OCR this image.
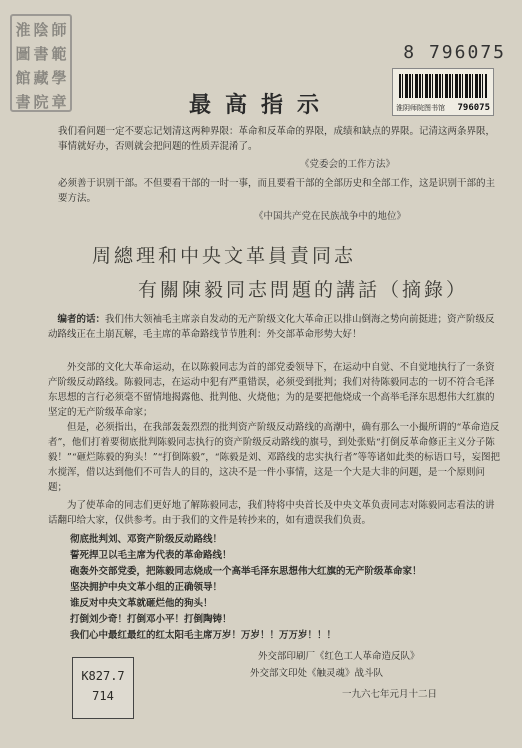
淮 陰 師
圖 書 範
館 藏 學
書 院 章
8 796075
淮阴师院图书馆 796075
最高指示
我们看问题一定不要忘记划清这两种界限：革命和反革命的界限，成绩和缺点的界限。记清这两条界限，事情就好办，否则就会把问题的性质弄混淆了。
《党委会的工作方法》
必须善于识别干部。不但要看干部的一时一事，而且要看干部的全部历史和全部工作，这是识别干部的主要方法。
《中国共产党在民族战争中的地位》
周總理和中央文革員責同志
有關陳毅同志問題的講話（摘錄）

编者的话：我们伟大领袖毛主席亲自发动的无产阶级文化大革命正以排山倒海之势向前挺进；资产阶级反动路线正在土崩瓦解，毛主席的革命路线节节胜利：外交部革命形势大好！

外交部的文化大革命运动，在以陈毅同志为首的部党委领导下，在运动中自觉、不自觉地执行了一条资产阶级反动路线。陈毅同志，在运动中犯有严重错误，必须受到批判；我们对待陈毅同志的一切不符合毛泽东思想的言行必须毫不留情地揭露他、批判他、火烧他；为的是要把他烧成一个高举毛泽东思想伟大红旗的坚定的无产阶级革命家；

但是，必须指出，在我部轰轰烈烈的批判资产阶级反动路线的高潮中，确有那么一小撮所谓的“革命造反者”，他们打着要彻底批判陈毅同志执行的资产阶级反动路线的旗号，到处张贴“打倒反革命修正主义分子陈毅！”“砸烂陈毅的狗头！”“打倒陈毅”，“陈毅是刘、邓路线的忠实执行者”等等诸如此类的标语口号，妄图把水搅浑，借以达到他们不可告人的目的，这决不是一件小事情，这是一个大是大非的问题，是一个原则问题；

为了使革命的同志们更好地了解陈毅同志，我们特将中央首长及中央文革负责同志对陈毅同志看法的讲话翻印给大家，仅供参考。由于我们的文件是转抄来的，如有遗误我们负责。

彻底批判刘、邓资产阶级反动路线！
誓死捍卫以毛主席为代表的革命路线！
砲轰外交部党委，把陈毅同志烧成一个高举毛泽东思想伟大红旗的无产阶级革命家！
坚决拥护中央文革小组的正确领导！
谁反对中央文革就砸烂他的狗头！
打倒刘少奇！打倒邓小平！打倒陶铸！
我们心中最红最红的红太阳毛主席万岁！万岁！！万万岁！！！
外交部印刷厂《红色工人革命造反队》
外交部文印处《触灵魂》战斗队
一九六七年元月十二日
K827.7
714
